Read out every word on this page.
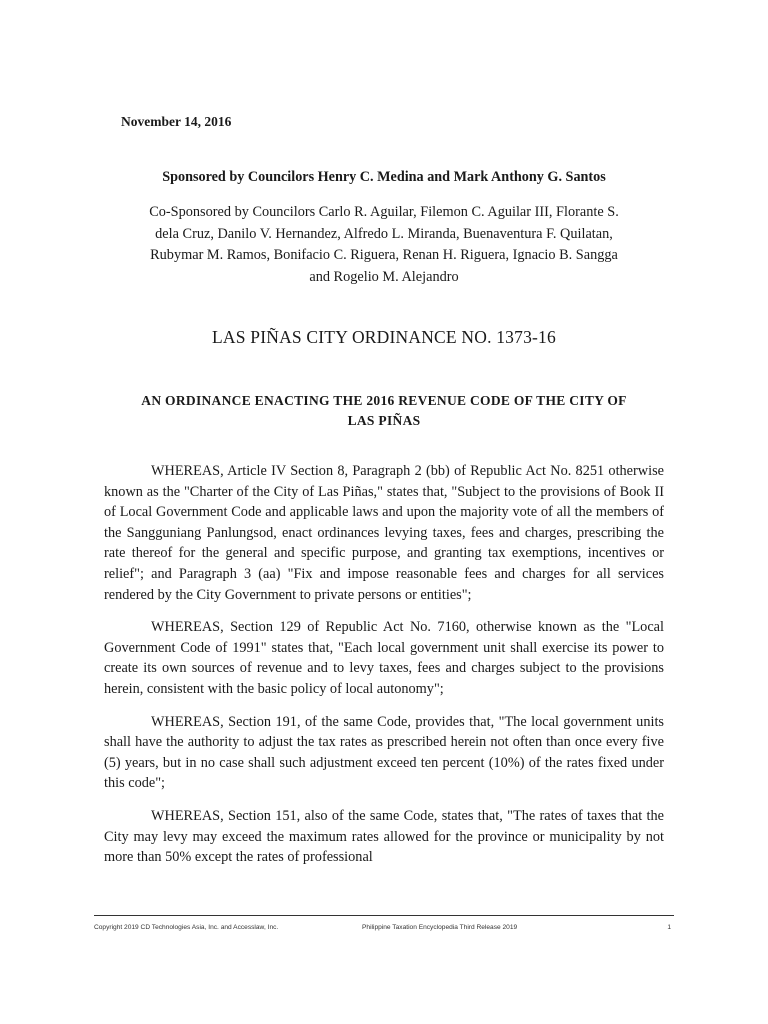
November 14, 2016
Sponsored by Councilors Henry C. Medina and Mark Anthony G. Santos
Co-Sponsored by Councilors Carlo R. Aguilar, Filemon C. Aguilar III, Florante S.
dela Cruz, Danilo V. Hernandez, Alfredo L. Miranda, Buenaventura F. Quilatan,
Rubymar M. Ramos, Bonifacio C. Riguera, Renan H. Riguera, Ignacio B. Sangga
and Rogelio M. Alejandro
LAS PIÑAS CITY ORDINANCE NO. 1373-16
AN ORDINANCE ENACTING THE 2016 REVENUE CODE OF THE CITY OF
LAS PIÑAS

WHEREAS, Article IV Section 8, Paragraph 2 (bb) of Republic Act No. 8251 otherwise known as the "Charter of the City of Las Piñas," states that, "Subject to the provisions of Book II of Local Government Code and applicable laws and upon the majority vote of all the members of the Sangguniang Panlungsod, enact ordinances levying taxes, fees and charges, prescribing the rate thereof for the general and specific purpose, and granting tax exemptions, incentives or relief"; and Paragraph 3 (aa) "Fix and impose reasonable fees and charges for all services rendered by the City Government to private persons or entities";

WHEREAS, Section 129 of Republic Act No. 7160, otherwise known as the "Local Government Code of 1991" states that, "Each local government unit shall exercise its power to create its own sources of revenue and to levy taxes, fees and charges subject to the provisions herein, consistent with the basic policy of local autonomy";

WHEREAS, Section 191, of the same Code, provides that, "The local government units shall have the authority to adjust the tax rates as prescribed herein not often than once every five (5) years, but in no case shall such adjustment exceed ten percent (10%) of the rates fixed under this code";

WHEREAS, Section 151, also of the same Code, states that, "The rates of taxes that the City may levy may exceed the maximum rates allowed for the province or municipality by not more than 50% except the rates of professional

Copyright 2019 CD Technologies Asia, Inc. and Accesslaw, Inc.	Philippine Taxation Encyclopedia Third Release 2019	1
